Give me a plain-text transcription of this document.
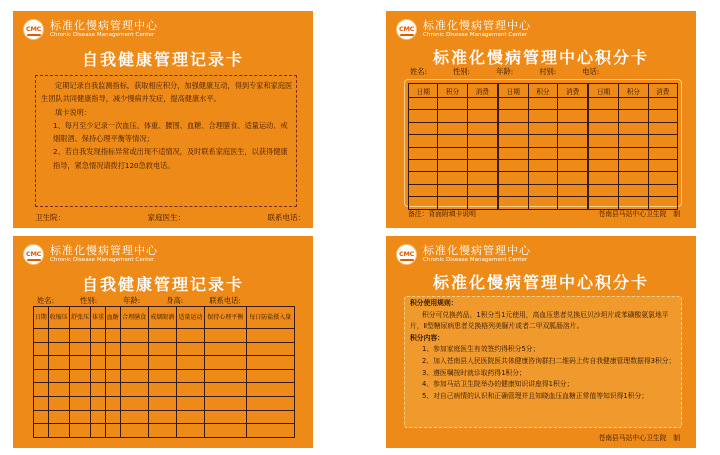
CMC 标准化慢病管理中心
Chronic Disease Management Center
自我健康管理记录卡

定期记录自我监测指标，获取相应积分，加强健康互动，得到专家和家庭医生团队共同健康指导，减少慢病并发症，提高健康水平。

填卡说明：

1、每月至少记录一次血压、体重、腰围、血糖、合理膳食、适量运动、戒烟限酒、保持心理平衡等情况；

2、若自我发现指标异常或出现不适情况，及时联系家庭医生，以获得健康指导，紧急情况请拨打120急救电话。

卫生院：	家庭医生：	联系电话：
CMC 标准化慢病管理中心
Chronic Disease Management Center
标准化慢病管理中心积分卡
姓名:	性别:	年龄:	村别:	电话:
日期	积分	消费	日期	积分	消费	日期	积分	消费

备注：背面附填卡说明	苍南县马站中心卫生院　制
CMC 标准化慢病管理中心
Chronic Disease Management Center
自我健康管理记录卡
姓名:	性别:	年龄:	身高:	联系电话:
日期	收缩压	舒张压	体重	血糖	合理膳食	戒烟限酒	适量运动	保持心理平衡	每日防盐摄入量

CMC 标准化慢病管理中心
Chronic Disease Management Center
标准化慢病管理中心积分卡

积分使用规则：

积分可兑换药品，1积分当1元使用，高血压患者兑换厄贝沙坦片或苯磺酸氨氯地平片，Ⅱ型糖尿病患者兑换格列美脲片或者二甲双胍肠溶片。

积分内容：

1、参加家庭医生有效签约得积分5分；

2、加入苍南县人民医院医共体健康咨询群扫二维码上传自我健康管理数据得3积分；

3、遵医嘱按时就诊取药得1积分；

4、参加马站卫生院举办的健康知识讲座得1积分；

5、对自己病情的认识和正确管理并且知晓血压血糖正常值等知识得1积分；

苍南县马站中心卫生院　制
